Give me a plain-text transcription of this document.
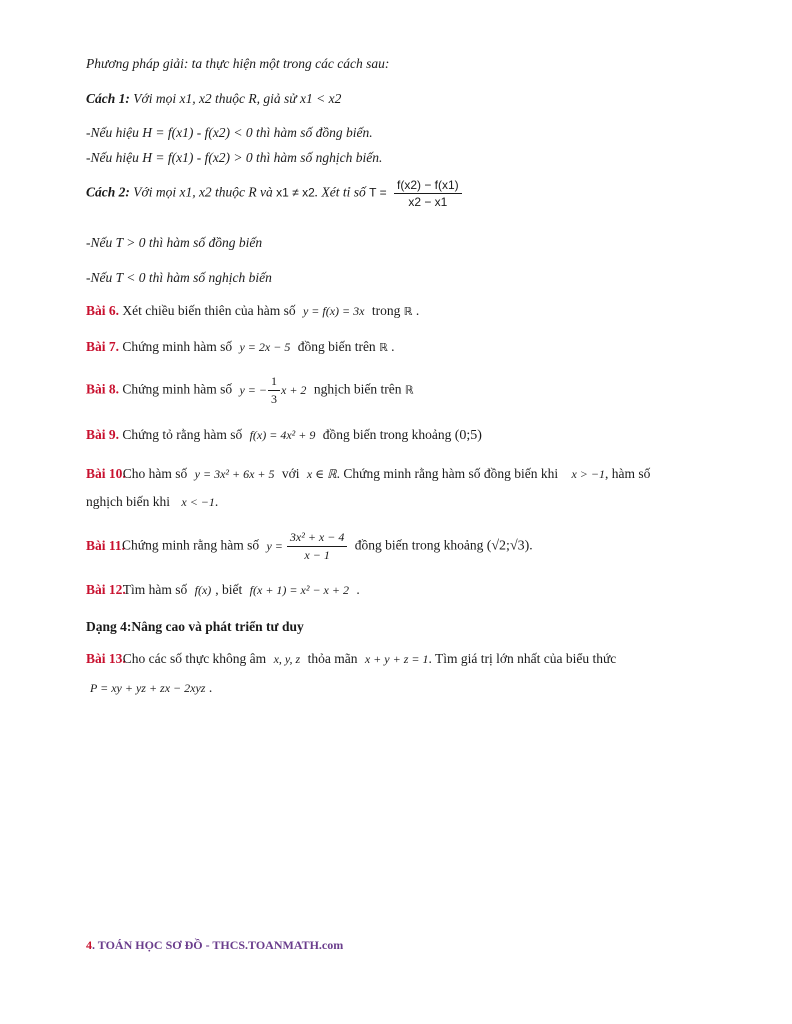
Phương pháp giải: ta thực hiện một trong các cách sau:
Cách 1: Với mọi x1, x2 thuộc R, giả sử x1 < x2
-Nếu hiệu H = f(x1) - f(x2) < 0 thì hàm số đồng biến.
-Nếu hiệu H = f(x1) - f(x2) > 0 thì hàm số nghịch biến.
Cách 2: Với mọi x1, x2 thuộc R và x1 ≠ x2. Xét tỉ số $T = \frac{f(x2) - f(x1)}{x2 - x1}$
-Nếu T > 0 thì hàm số đồng biến
-Nếu T < 0 thì hàm số nghịch biến
Bài 6. Xét chiều biến thiên của hàm số y = f(x) = 3x trong ℝ .
Bài 7. Chứng minh hàm số y = 2x − 5 đồng biến trên ℝ .
Bài 8. Chứng minh hàm số y = − $\frac{1}{3}$ x + 2 nghịch biến trên ℝ
Bài 9. Chứng tỏ rằng hàm số f(x) = 4x² + 9 đồng biến trong khoảng (0;5)
Bài 10.Cho hàm số y = 3x² + 6x + 5 với x ∈ ℝ. Chứng minh rằng hàm số đồng biến khi x > −1, hàm số
nghịch biến khi x < −1.
Bài 11.Chứng minh rằng hàm số $y = \frac{\text{3x² + x − 4}}{x - 1}$ đồng biến trong khoảng (√2;√3).
Bài 12.Tìm hàm số f(x) , biết f(x + 1) = x² − x + 2 .
Dạng 4:Nâng cao và phát triển tư duy
Bài 13.Cho các số thực không âm x, y, z thỏa mãn x + y + z = 1. Tìm giá trị lớn nhất của biểu thức
P = xy + yz + zx − 2xyz .
4. TOÁN HỌC SƠ ĐỒ - THCS.TOANMATH.com
